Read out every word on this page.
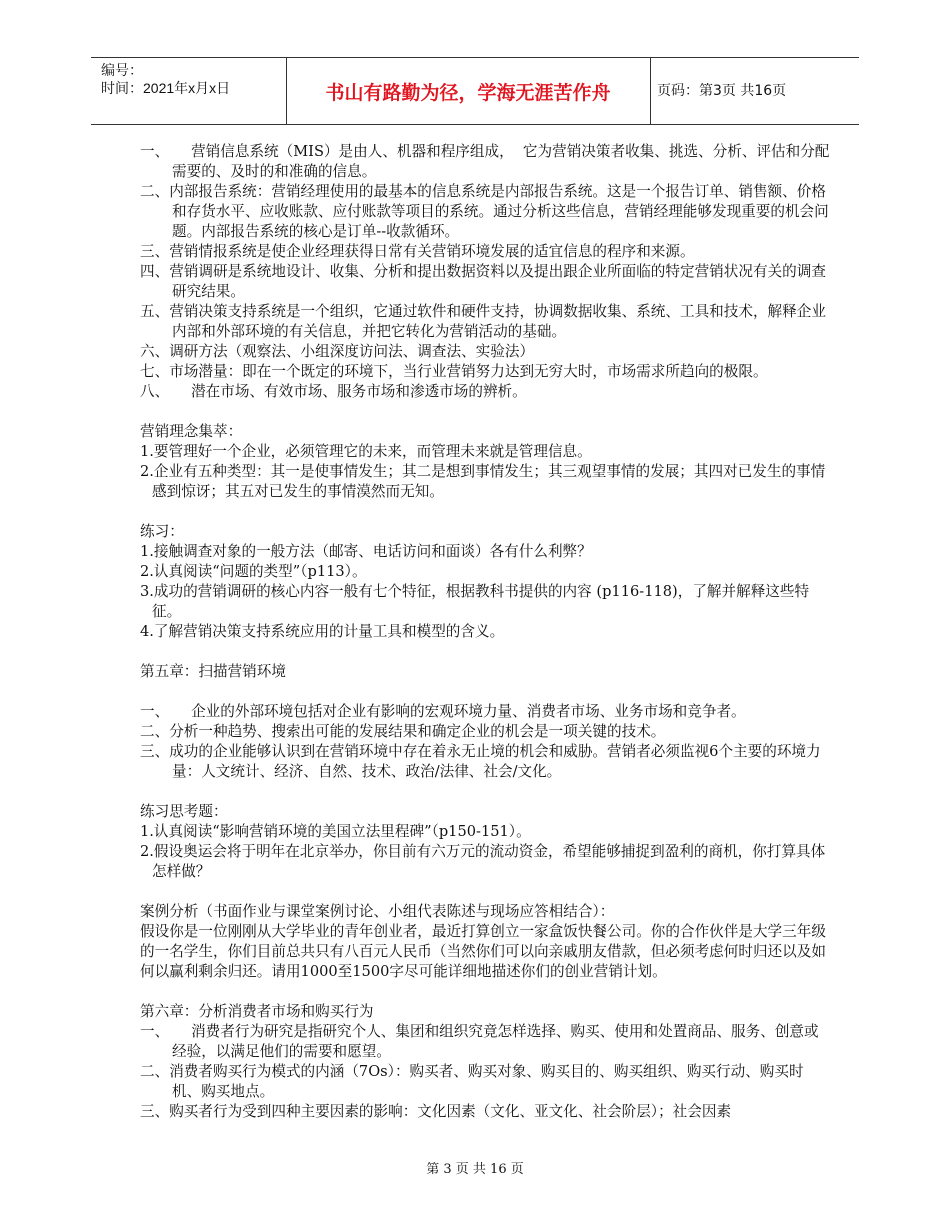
编号：
时间：2021年x月x日	书山有路勤为径，学海无涯苦作舟	页码：第3页 共16页

一、　　营销信息系统（MIS）是由人、机器和程序组成，  它为营销决策者收集、挑选、分析、评估和分配需要的、及时的和准确的信息。

二、内部报告系统：营销经理使用的最基本的信息系统是内部报告系统。这是一个报告订单、销售额、价格和存货水平、应收账款、应付账款等项目的系统。通过分析这些信息，营销经理能够发现重要的机会问题。内部报告系统的核心是订单--收款循环。

三、营销情报系统是使企业经理获得日常有关营销环境发展的适宜信息的程序和来源。

四、营销调研是系统地设计、收集、分析和提出数据资料以及提出跟企业所面临的特定营销状况有关的调查研究结果。

五、营销决策支持系统是一个组织，它通过软件和硬件支持，协调数据收集、系统、工具和技术，解释企业内部和外部环境的有关信息，并把它转化为营销活动的基础。

六、调研方法（观察法、小组深度访问法、调查法、实验法）

七、市场潜量：即在一个既定的环境下，当行业营销努力达到无穷大时，市场需求所趋向的极限。

八、　　潜在市场、有效市场、服务市场和渗透市场的辨析。

营销理念集萃：

1.要管理好一个企业，必须管理它的未来，而管理未来就是管理信息。

2.企业有五种类型：其一是使事情发生；其二是想到事情发生；其三观望事情的发展；其四对已发生的事情感到惊讶；其五对已发生的事情漠然而无知。

练习：

1.接触调查对象的一般方法（邮寄、电话访问和面谈）各有什么利弊？

2.认真阅读“问题的类型”（p113）。

3.成功的营销调研的核心内容一般有七个特征，根据教科书提供的内容 (p116-118)，了解并解释这些特征。

4.了解营销决策支持系统应用的计量工具和模型的含义。

第五章：扫描营销环境

一、　　企业的外部环境包括对企业有影响的宏观环境力量、消费者市场、业务市场和竞争者。

二、分析一种趋势、搜索出可能的发展结果和确定企业的机会是一项关键的技术。

三、成功的企业能够认识到在营销环境中存在着永无止境的机会和威胁。营销者必须监视6个主要的环境力量：人文统计、经济、自然、技术、政治/法律、社会/文化。

练习思考题：

1.认真阅读“影响营销环境的美国立法里程碑”（p150-151）。

2.假设奥运会将于明年在北京举办，你目前有六万元的流动资金，希望能够捕捉到盈利的商机，你打算具体怎样做？

案例分析（书面作业与课堂案例讨论、小组代表陈述与现场应答相结合）：

假设你是一位刚刚从大学毕业的青年创业者，最近打算创立一家盒饭快餐公司。你的合作伙伴是大学三年级的一名学生，你们目前总共只有八百元人民币（当然你们可以向亲戚朋友借款，但必须考虑何时归还以及如何以赢利剩余归还。请用1000至1500字尽可能详细地描述你们的创业营销计划。

第六章：分析消费者市场和购买行为

一、　　消费者行为研究是指研究个人、集团和组织究竟怎样选择、购买、使用和处置商品、服务、创意或经验，以满足他们的需要和愿望。

二、消费者购买行为模式的内涵（7Os）：购买者、购买对象、购买目的、购买组织、购买行动、购买时机、购买地点。

三、购买者行为受到四种主要因素的影响：文化因素（文化、亚文化、社会阶层）；社会因素

第 3 页 共 16 页
